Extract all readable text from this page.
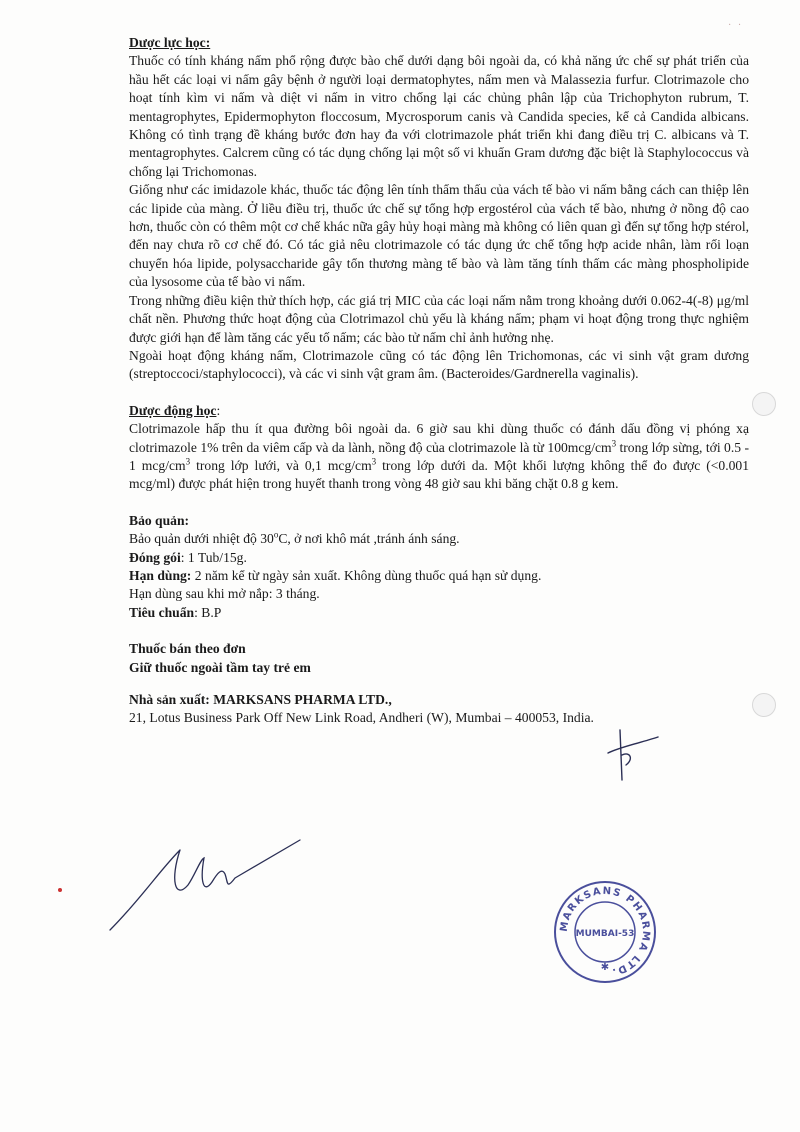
· ·

Dược lực học:

Thuốc có tính kháng nấm phổ rộng được bào chế dưới dạng bôi ngoài da, có khả năng ức chế sự phát triển của hầu hết các loại vi nấm gây bệnh ở người loại dermatophytes, nấm men và Malassezia furfur. Clotrimazole cho hoạt tính kìm vi nấm và diệt vi nấm in vitro chống lại các chủng phân lập của Trichophyton rubrum, T. mentagrophytes, Epidermophyton floccosum, Mycrosporum canis và Candida species, kể cả Candida albicans. Không có tình trạng đề kháng bước đơn hay đa với clotrimazole phát triển khi đang điều trị C. albicans và T. mentagrophytes. Calcrem cũng có tác dụng chống lại một số vi khuẩn Gram dương đặc biệt là Staphylococcus và chống lại Trichomonas.

Giống như các imidazole khác, thuốc tác động lên tính thẩm thấu của vách tế bào vi nấm bằng cách can thiệp lên các lipide của màng. Ở liều điều trị, thuốc ức chế sự tổng hợp ergostérol của vách tế bào, nhưng ở nồng độ cao hơn, thuốc còn có thêm một cơ chế khác nữa gây hủy hoại màng mà không có liên quan gì đến sự tổng hợp stérol, đến nay chưa rõ cơ chế đó. Có tác giả nêu clotrimazole có tác dụng ức chế tổng hợp acide nhân, làm rối loạn chuyển hóa lipide, polysaccharide gây tổn thương màng tế bào và làm tăng tính thấm các màng phospholipide của lysosome của tế bào vi nấm.

Trong những điều kiện thử thích hợp, các giá trị MIC của các loại nấm nằm trong khoảng dưới 0.062-4(-8) μg/ml chất nền. Phương thức hoạt động của Clotrimazol chủ yếu là kháng nấm; phạm vi hoạt động trong thực nghiệm được giới hạn để làm tăng các yếu tố nấm; các bào tử nấm chỉ ảnh hưởng nhẹ.

Ngoài hoạt động kháng nấm, Clotrimazole cũng có tác động lên Trichomonas, các vi sinh vật gram dương (streptoccoci/staphylococci), và các vi sinh vật gram âm. (Bacteroides/Gardnerella vaginalis).

Dược động học:

Clotrimazole hấp thu ít qua đường bôi ngoài da. 6 giờ sau khi dùng thuốc có đánh dấu đồng vị phóng xạ clotrimazole 1% trên da viêm cấp và da lành, nồng độ của clotrimazole là từ $100mcg/cm^3$ trong lớp sừng, tới 0.5 - 1 mcg/$cm^3$ trong lớp lưới, và 0,1 mcg/$cm^3$ trong lớp dưới da. Một khối lượng không thể đo được (<0.001 mcg/ml) được phát hiện trong huyết thanh trong vòng 48 giờ sau khi băng chặt 0.8 g kem.

Bảo quản:

Bảo quản dưới nhiệt độ 30$^o$C, ở nơi khô mát ,tránh ánh sáng.

Đóng gói: 1 Tub/15g.

Hạn dùng: 2 năm kể từ ngày sản xuất. Không dùng thuốc quá hạn sử dụng.

Hạn dùng sau khi mở nắp: 3 tháng.

Tiêu chuẩn: B.P

Thuốc bán theo đơn

Giữ thuốc ngoài tầm tay trẻ em

Nhà sản xuất: MARKSANS PHARMA LTD.,

21, Lotus Business Park Off New Link Road, Andheri (W), Mumbai – 400053, India.

MARKSANS PHARMA LTD.
MUMBAI-53
✱
